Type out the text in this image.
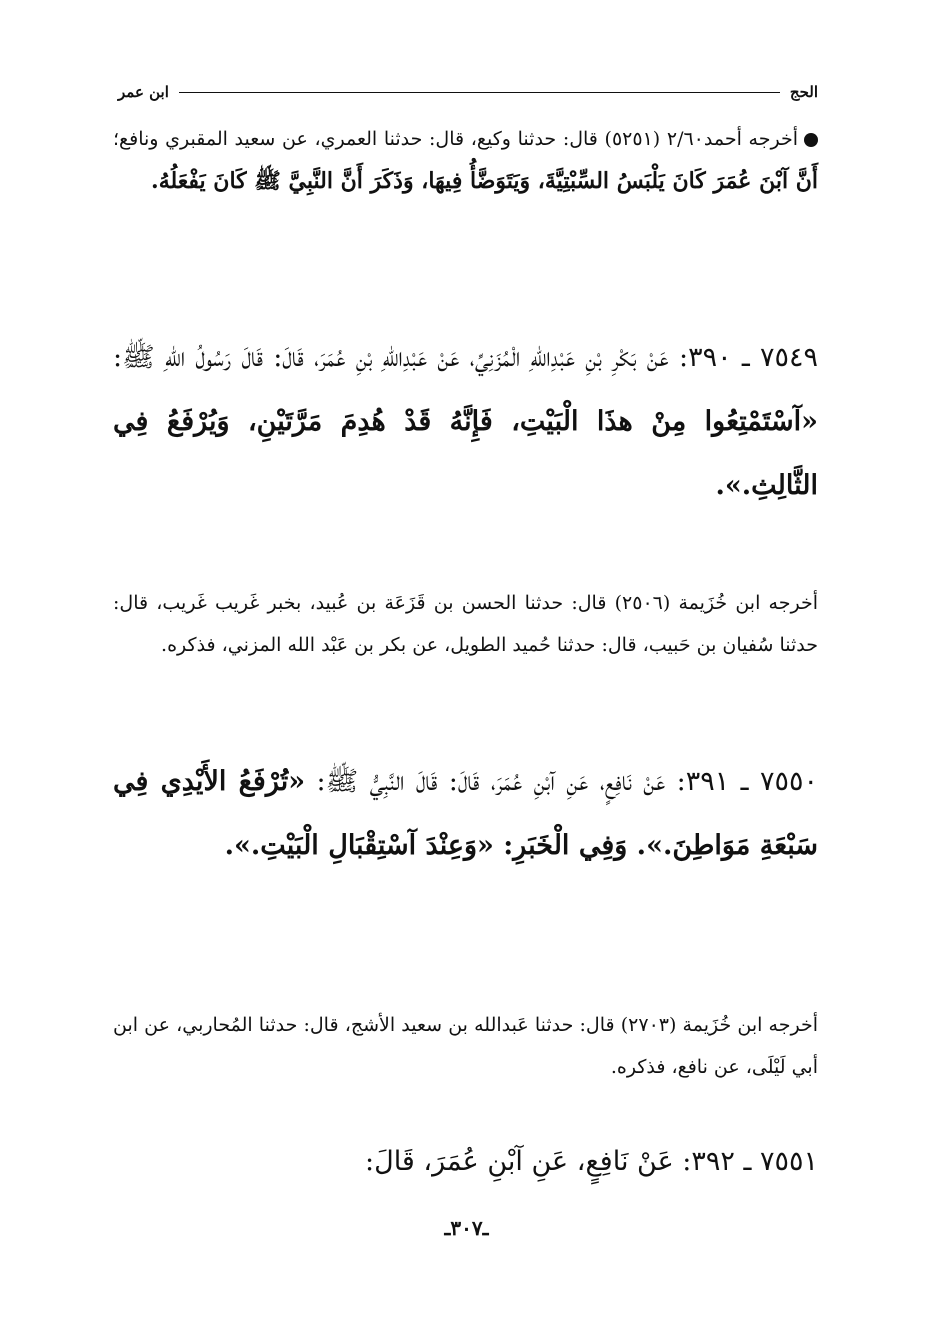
الحج
ابن عمر
أخرجه أحمد٢/٦٠ (٥٢٥١) قال: حدثنا وكيع، قال: حدثنا العمري، عن سعيد المقبري ونافع؛ أَنَّ آبْنَ عُمَرَ كَانَ يَلْبَسُ السِّبْتِيَّةَ، وَيَتَوَضَّأُ فِيهَا، وَذَكَرَ أَنَّ النَّبِيَّ ﷺ كَانَ يَفْعَلُهُ.
٧٥٤٩ ـ ٣٩٠: عَنْ بَكْرِ بْنِ عَبْدِاللّهِ الْمُزَنِيِّ، عَنْ عَبْدِاللّهِ بْنِ عُمَرَ، قَالَ: قَالَ رَسُولُ اللّهِ ﷺ: «آسْتَمْتِعُوا مِنْ هذَا الْبَيْتِ، فَإِنَّهُ قَدْ هُدِمَ مَرَّتَيْنِ، وَيُرْفَعُ فِي الثَّالِثِ.».
أخرجه ابن خُزَيمة (٢٥٠٦) قال: حدثنا الحسن بن قَزَعَة بن عُبيد، بخبر غَريب غَريب، قال: حدثنا سُفيان بن حَبيب، قال: حدثنا حُميد الطويل، عن بكر بن عَبْد الله المزني، فذكره.
٧٥٥٠ ـ ٣٩١: عَنْ نَافِعٍ، عَنِ آبْنِ عُمَرَ، قَالَ: قَالَ النَّبِيُّ ﷺ: «تُرْفَعُ الأَيْدِي فِي سَبْعَةِ مَوَاطِنَ.». وَفِي الْخَبَرِ: «وَعِنْدَ آسْتِقْبَالِ الْبَيْتِ.».
أخرجه ابن خُزَيمة (٢٧٠٣) قال: حدثنا عَبدالله بن سعيد الأشج، قال: حدثنا المُحاربي، عن ابن أبي لَيْلَى، عن نافع، فذكره.
٧٥٥١ ـ ٣٩٢: عَنْ نَافِعٍ، عَنِ آبْنِ عُمَرَ، قَالَ:
ـ٣٠٧ـ
